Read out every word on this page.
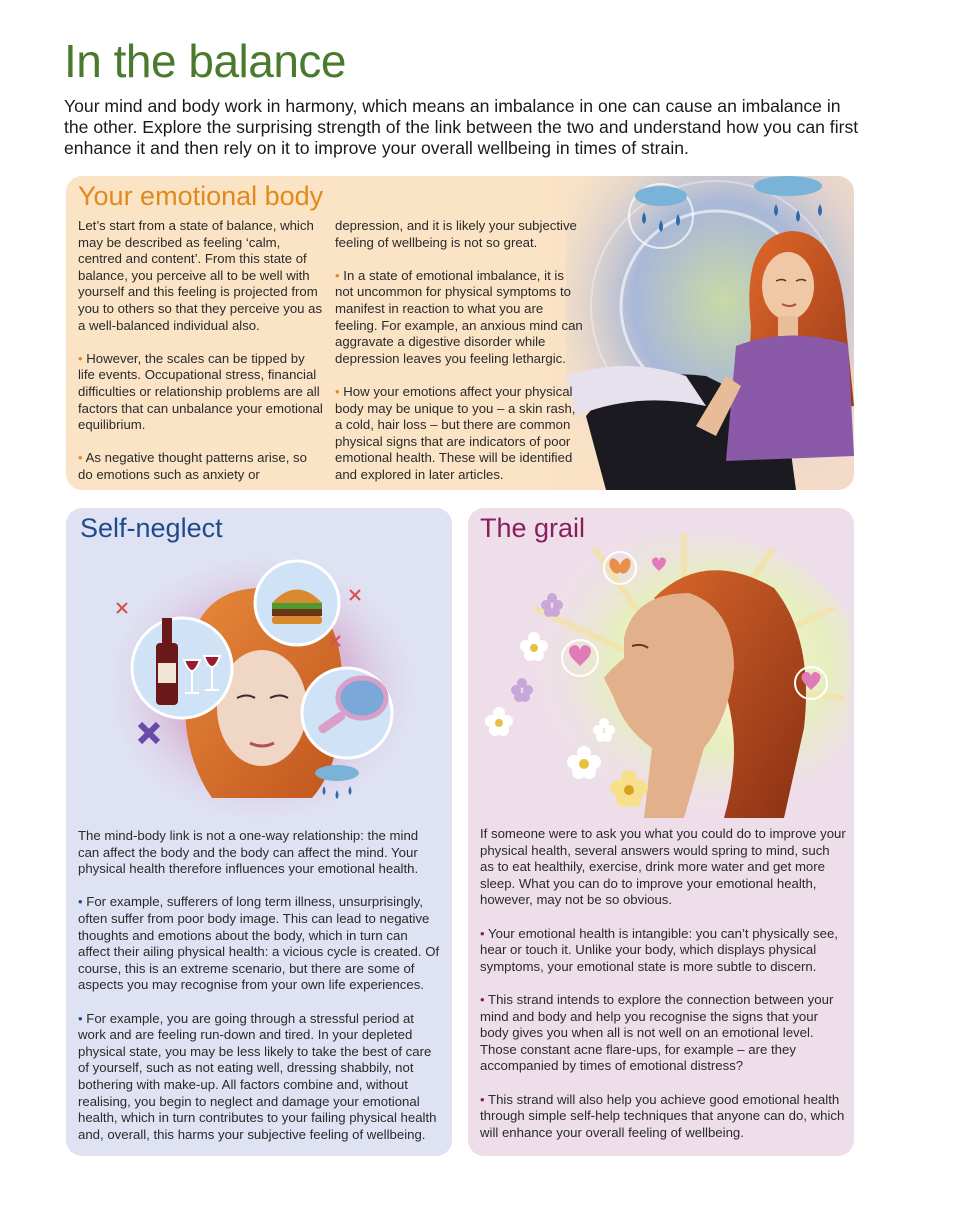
In the balance

Your mind and body work in harmony, which means an imbalance in one can cause an imbalance in the other. Explore the surprising strength of the link between the two and understand how you can first enhance it and then rely on it to improve your overall wellbeing in times of strain.

Your emotional body

Let’s start from a state of balance, which may be described as feeling ‘calm, centred and content’. From this state of balance, you perceive all to be well with yourself and this feeling is projected from you to others so that they perceive you as a well-balanced individual also.

• However, the scales can be tipped by life events. Occupational stress, financial difficulties or relationship problems are all factors that can unbalance your emotional equilibrium.

• As negative thought patterns arise, so do emotions such as anxiety or

depression, and it is likely your subjective feeling of wellbeing is not so great.

• In a state of emotional imbalance, it is not uncommon for physical symptoms to manifest in reaction to what you are feeling. For example, an anxious mind can aggravate a digestive disorder while depression leaves you feeling lethargic.

• How your emotions affect your physical body may be unique to you – a skin rash, a cold, hair loss – but there are common physical signs that are indicators of poor emotional health. These will be identified and explored in later articles.

Self-neglect

The mind-body link is not a one-way relationship: the mind can affect the body and the body can affect the mind. Your physical health therefore influences your emotional health.

• For example, sufferers of long term illness, unsurprisingly, often suffer from poor body image. This can lead to negative thoughts and emotions about the body, which in turn can affect their ailing physical health: a vicious cycle is created. Of course, this is an extreme scenario, but there are some of aspects you may recognise from your own life experiences.

• For example, you are going through a stressful period at work and are feeling run-down and tired. In your depleted physical state, you may be less likely to take the best of care of yourself, such as not eating well, dressing shabbily, not bothering with make-up. All factors combine and, without realising, you begin to neglect and damage your emotional health, which in turn contributes to your failing physical health and, overall, this harms your subjective feeling of wellbeing.

The grail

If someone were to ask you what you could do to improve your physical health, several answers would spring to mind, such as to eat healthily, exercise, drink more water and get more sleep. What you can do to improve your emotional health, however, may not be so obvious.

• Your emotional health is intangible: you can’t physically see, hear or touch it. Unlike your body, which displays physical symptoms, your emotional state is more subtle to discern.

• This strand intends to explore the connection between your mind and body and help you recognise the signs that your body gives you when all is not well on an emotional level. Those constant acne flare-ups, for example – are they accompanied by times of emotional distress?

• This strand will also help you achieve good emotional health through simple self-help techniques that anyone can do, which will enhance your overall feeling of wellbeing.
